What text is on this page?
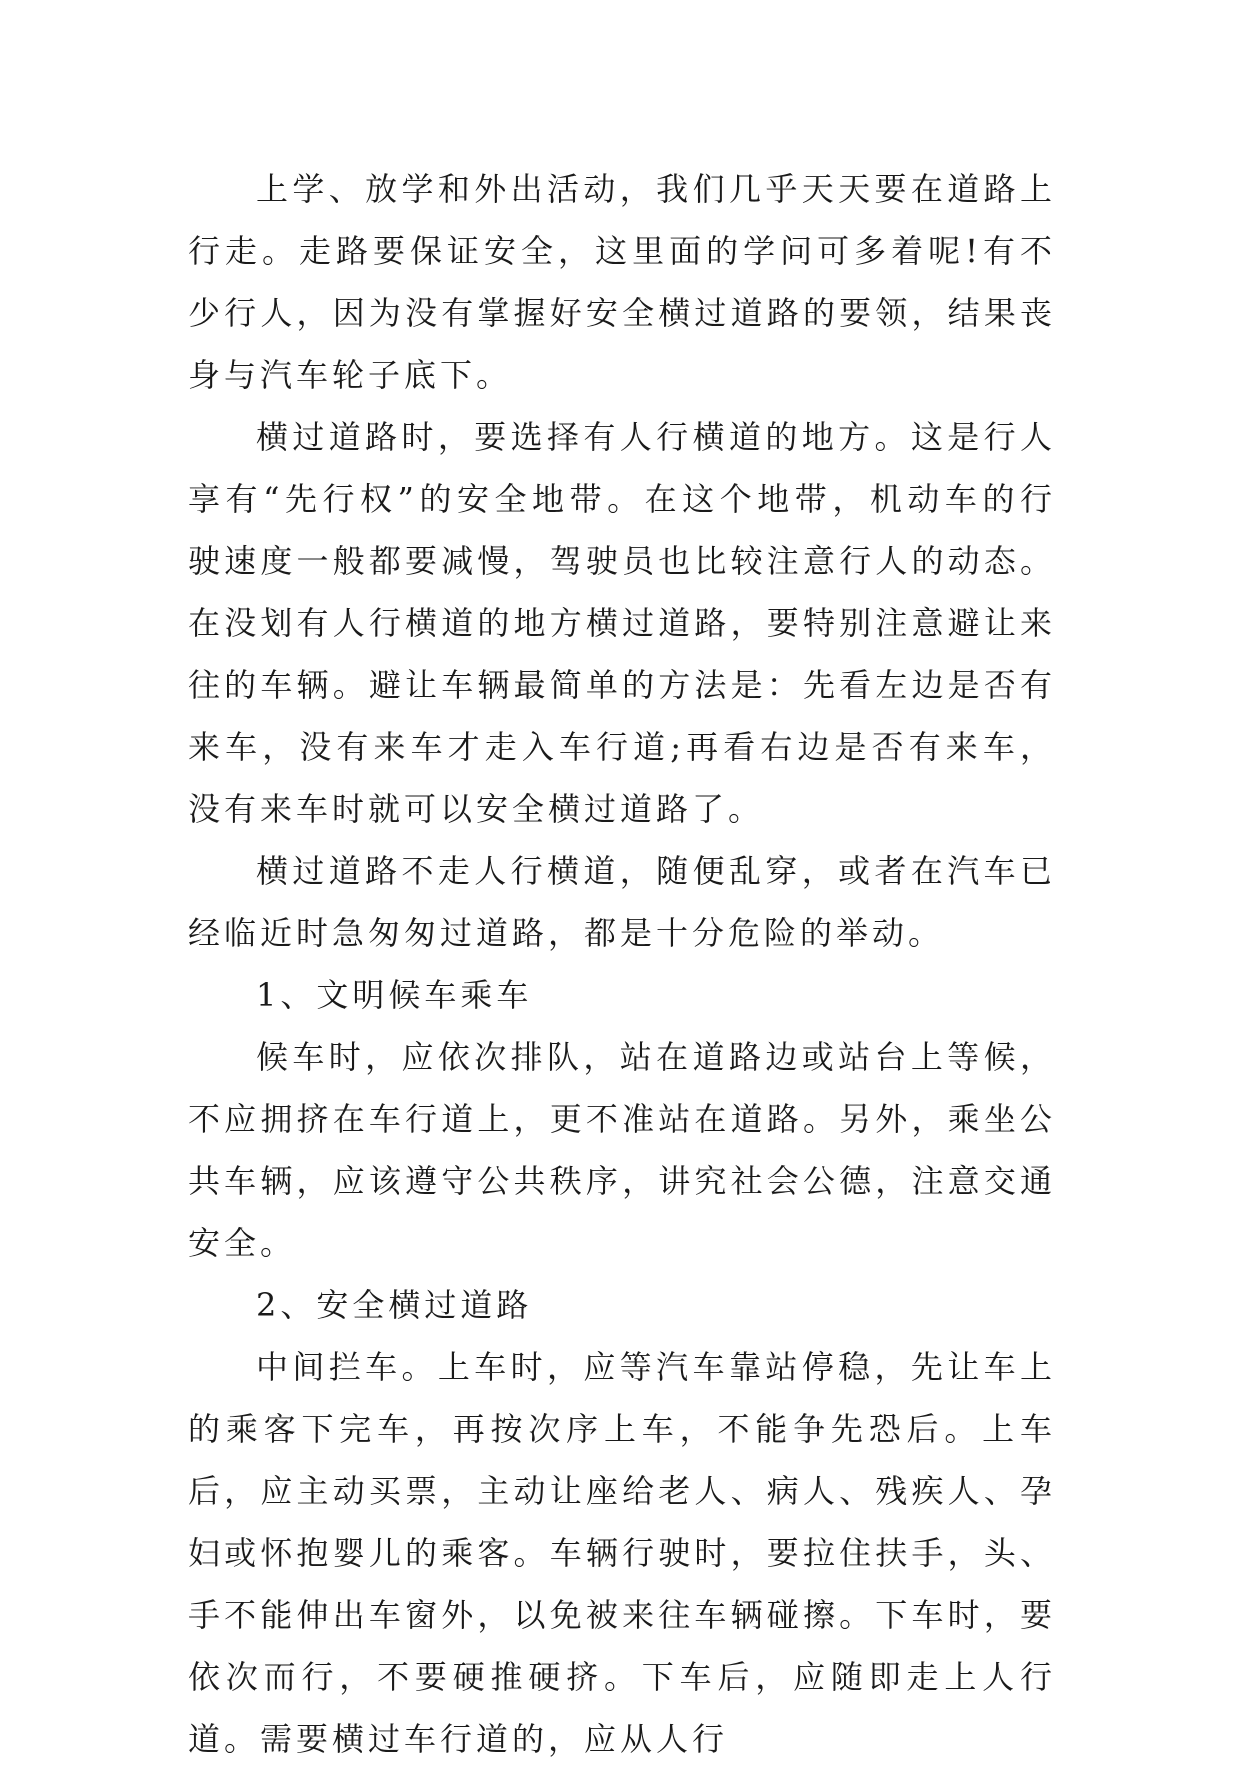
上学、放学和外出活动，我们几乎天天要在道路上行走。走路要保证安全，这里面的学问可多着呢!有不少行人，因为没有掌握好安全横过道路的要领，结果丧身与汽车轮子底下。

横过道路时，要选择有人行横道的地方。这是行人享有“先行权”的安全地带。在这个地带，机动车的行驶速度一般都要减慢，驾驶员也比较注意行人的动态。在没划有人行横道的地方横过道路，要特别注意避让来往的车辆。避让车辆最简单的方法是：先看左边是否有来车，没有来车才走入车行道;再看右边是否有来车，没有来车时就可以安全横过道路了。

横过道路不走人行横道，随便乱穿，或者在汽车已经临近时急匆匆过道路，都是十分危险的举动。

1、文明候车乘车

候车时，应依次排队，站在道路边或站台上等候，不应拥挤在车行道上，更不准站在道路。另外，乘坐公共车辆，应该遵守公共秩序，讲究社会公德，注意交通安全。

2、安全横过道路

中间拦车。上车时，应等汽车靠站停稳，先让车上的乘客下完车，再按次序上车，不能争先恐后。上车后，应主动买票，主动让座给老人、病人、残疾人、孕妇或怀抱婴儿的乘客。车辆行驶时，要拉住扶手，头、手不能伸出车窗外，以免被来往车辆碰擦。下车时，要依次而行，不要硬推硬挤。下车后，应随即走上人行道。需要横过车行道的，应从人行
